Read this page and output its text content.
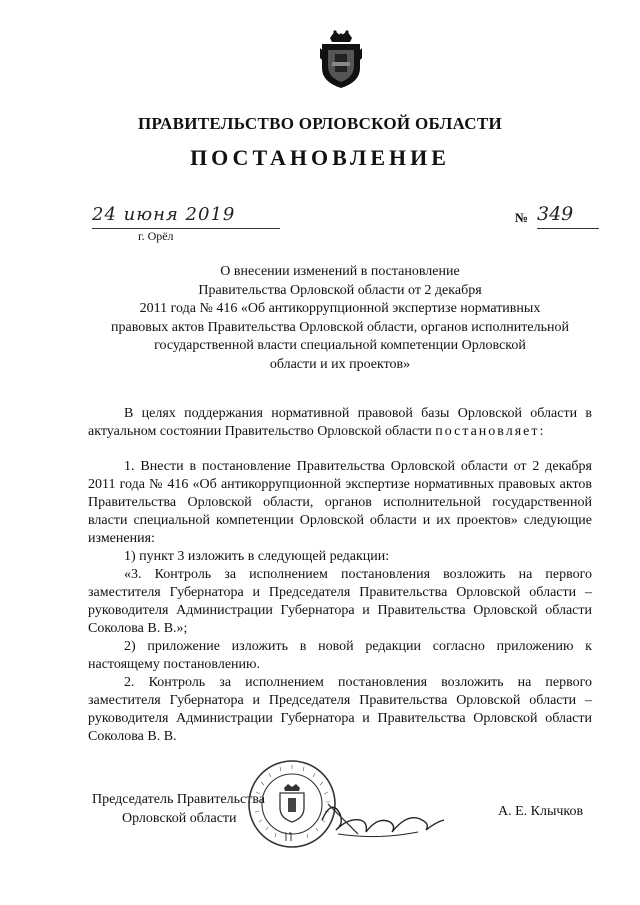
ПРАВИТЕЛЬСТВО ОРЛОВСКОЙ ОБЛАСТИ
ПОСТАНОВЛЕНИЕ
24 июня 2019
г. Орёл
№ 349
О внесении изменений в постановление
Правительства Орловской области от 2 декабря
2011 года № 416 «Об антикоррупционной экспертизе нормативных
правовых актов Правительства Орловской области, органов исполнительной
государственной власти специальной компетенции Орловской
области и их проектов»

В целях поддержания нормативной правовой базы Орловской области в актуальном состоянии Правительство Орловской области постановляет:

1. Внести в постановление Правительства Орловской области от 2 декабря 2011 года № 416 «Об антикоррупционной экспертизе нормативных правовых актов Правительства Орловской области, органов исполнительной государственной власти специальной компетенции Орловской области и их проектов» следующие изменения:

1) пункт 3 изложить в следующей редакции:

«3. Контроль за исполнением постановления возложить на первого заместителя Губернатора и Председателя Правительства Орловской области – руководителя Администрации Губернатора и Правительства Орловской области Соколова В. В.»;

2) приложение изложить в новой редакции согласно приложению к настоящему постановлению.

2. Контроль за исполнением постановления возложить на первого заместителя Губернатора и Председателя Правительства Орловской области – руководителя Администрации Губернатора и Правительства Орловской области Соколова В. В.

Председатель Правительства
Орловской области	А. Е. Клычков
